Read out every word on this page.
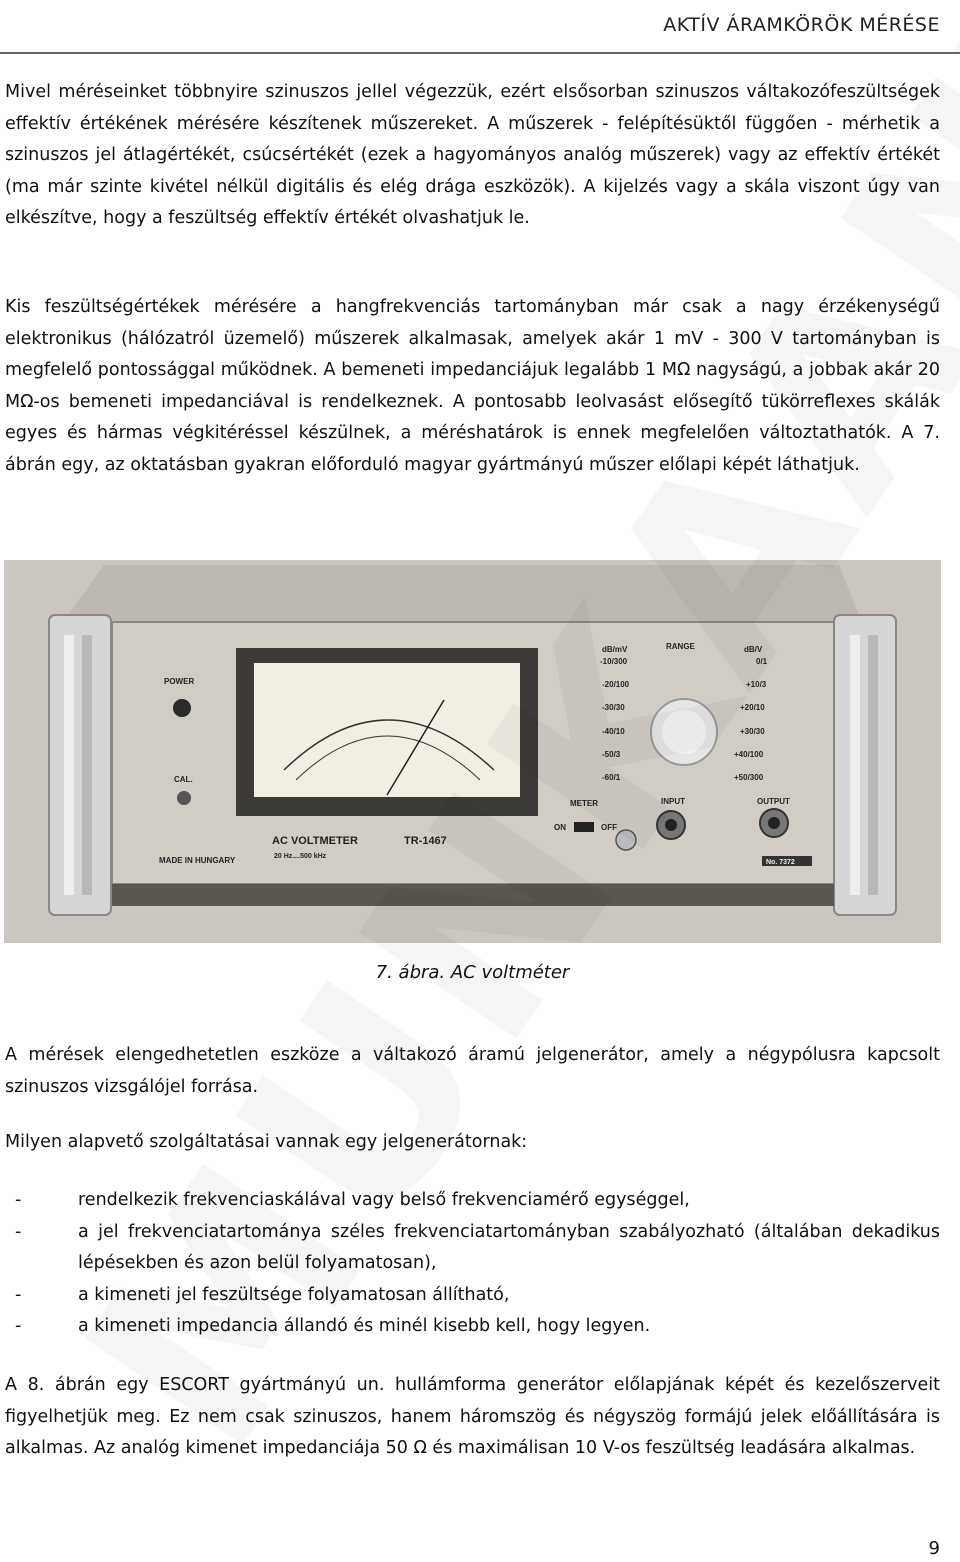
AKTÍV ÁRAMKÖRÖK MÉRÉSE

Mivel méréseinket többnyire szinuszos jellel végezzük, ezért elsősorban szinuszos váltakozófeszültségek effektív értékének mérésére készítenek műszereket. A műszerek - felépítésüktől függően - mérhetik a szinuszos jel átlagértékét, csúcsértékét (ezek a hagyományos analóg műszerek) vagy az effektív értékét (ma már szinte kivétel nélkül digitális és elég drága eszközök). A kijelzés vagy a skála viszont úgy van elkészítve, hogy a feszültség effektív értékét olvashatjuk le.

Kis feszültségértékek mérésére a hangfrekvenciás tartományban már csak a nagy érzékenységű elektronikus (hálózatról üzemelő) műszerek alkalmasak, amelyek akár 1 mV - 300 V tartományban is megfelelő pontossággal működnek. A bemeneti impedanciájuk legalább 1 MΩ nagyságú, a jobbak akár 20 MΩ-os bemeneti impedanciával is rendelkeznek. A pontosabb leolvasást elősegítő tükörreflexes skálák egyes és hármas végkitéréssel készülnek, a méréshatárok is ennek megfelelően változtathatók. A 7. ábrán egy, az oktatásban gyakran előforduló magyar gyártmányú műszer előlapi képét láthatjuk.

POWER
CAL.
MADE IN HUNGARY
AC VOLTMETER	TR-1467
20 Hz....500 kHz
dB/mV	RANGE	dB/V
-10/300
-20/100
-30/30
-40/10
-50/3
-60/1
0/1
+10/3
+20/10
+30/30
+40/100
+50/300
METER
ON	OFF
INPUT	OUTPUT
No. 7372
7. ábra. AC voltméter

A mérések elengedhetetlen eszköze a váltakozó áramú jelgenerátor, amely a négypólusra kapcsolt szinuszos vizsgálójel forrása.

Milyen alapvető szolgáltatásai vannak egy jelgenerátornak:

-	rendelkezik frekvenciaskálával vagy belső frekvenciamérő egységgel,
-	a jel frekvenciatartománya széles frekvenciatartományban szabályozható (általában dekadikus lépésekben és azon belül folyamatosan),
-	a kimeneti jel feszültsége folyamatosan állítható,
-	a kimeneti impedancia állandó és minél kisebb kell, hogy legyen.

A 8. ábrán egy ESCORT gyártmányú un. hullámforma generátor előlapjának képét és kezelőszerveit figyelhetjük meg. Ez nem csak szinuszos, hanem háromszög és négyszög formájú jelek előállítására is alkalmas. Az analóg kimenet impedanciája 50 Ω és maximálisan 10 V-os feszültség leadására alkalmas.

9
